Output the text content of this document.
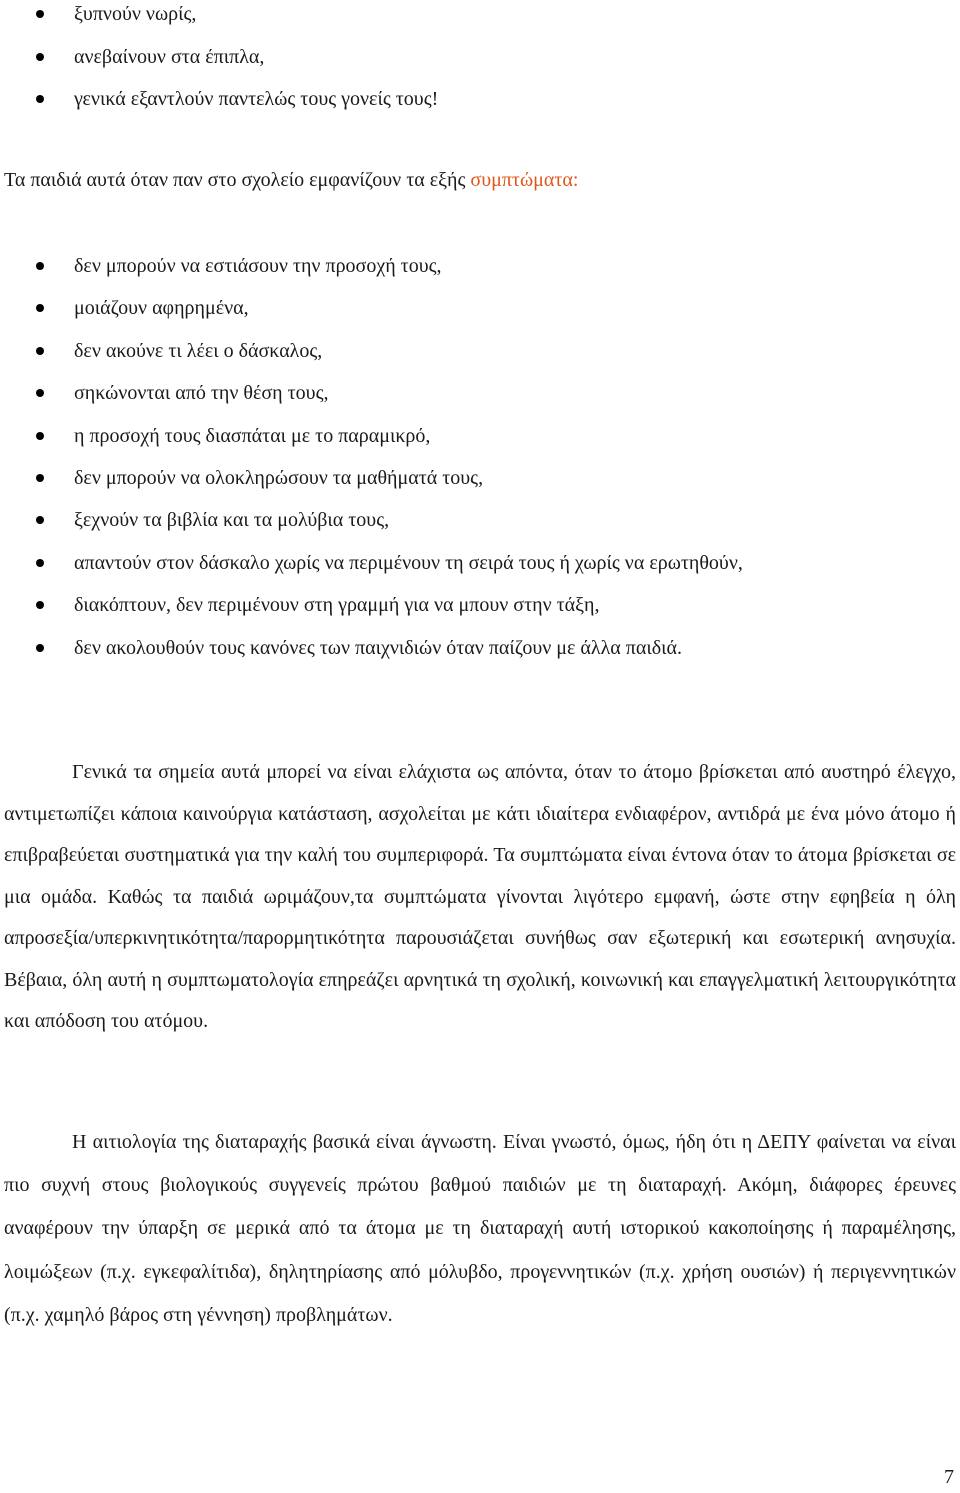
ξυπνούν νωρίς,
ανεβαίνουν στα έπιπλα,
γενικά εξαντλούν παντελώς τους γονείς τους!

Τα παιδιά αυτά όταν παν στο σχολείο εμφανίζουν τα εξής συμπτώματα:

δεν μπορούν να εστιάσουν την προσοχή τους,
μοιάζουν αφηρημένα,
δεν ακούνε τι λέει ο δάσκαλος,
σηκώνονται από την θέση τους,
η προσοχή τους διασπάται με το παραμικρό,
δεν μπορούν να ολοκληρώσουν τα μαθήματά τους,
ξεχνούν τα βιβλία και τα μολύβια τους,
απαντούν στον δάσκαλο χωρίς να περιμένουν τη σειρά τους ή χωρίς να ερωτηθούν,
διακόπτουν, δεν περιμένουν στη γραμμή για να μπουν στην τάξη,
δεν ακολουθούν τους κανόνες των παιχνιδιών όταν παίζουν με άλλα παιδιά.

Γενικά τα σημεία αυτά μπορεί να είναι ελάχιστα ως απόντα, όταν το άτομο βρίσκεται από αυστηρό έλεγχο, αντιμετωπίζει κάποια καινούργια κατάσταση, ασχολείται με κάτι ιδιαίτερα ενδιαφέρον, αντιδρά με ένα μόνο άτομο ή επιβραβεύεται συστηματικά για την καλή του συμπεριφορά. Τα συμπτώματα είναι έντονα όταν το άτομα βρίσκεται σε μια ομάδα. Καθώς τα παιδιά ωριμάζουν,τα συμπτώματα γίνονται λιγότερο εμφανή, ώστε στην εφηβεία η όλη απροσεξία/υπερκινητικότητα/παρορμητικότητα παρουσιάζεται συνήθως σαν εξωτερική και εσωτερική ανησυχία. Βέβαια, όλη αυτή η συμπτωματολογία επηρεάζει αρνητικά τη σχολική, κοινωνική και επαγγελματική λειτουργικότητα και απόδοση του ατόμου.

Η αιτιολογία της διαταραχής βασικά είναι άγνωστη. Είναι γνωστό, όμως, ήδη ότι η ΔΕΠΥ φαίνεται να είναι πιο συχνή στους βιολογικούς συγγενείς πρώτου βαθμού παιδιών με τη διαταραχή. Ακόμη, διάφορες έρευνες αναφέρουν την ύπαρξη σε μερικά από τα άτομα με τη διαταραχή αυτή ιστορικού κακοποίησης ή παραμέλησης, λοιμώξεων (π.χ. εγκεφαλίτιδα), δηλητηρίασης από μόλυβδο, προγεννητικών (π.χ. χρήση ουσιών) ή περιγεννητικών (π.χ. χαμηλό βάρος στη γέννηση) προβλημάτων.

7
